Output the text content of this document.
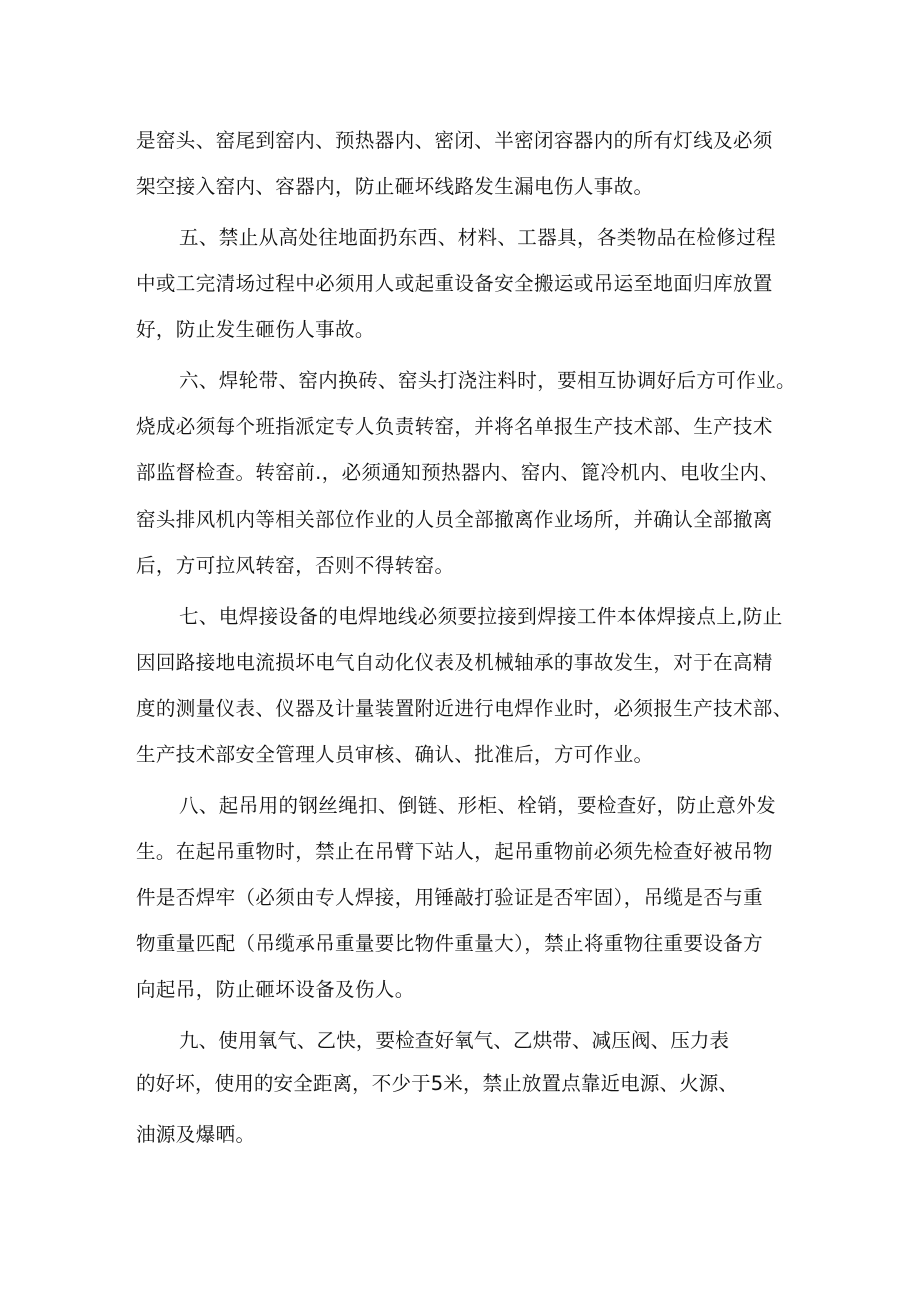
是窑头、窑尾到窑内、预热器内、密闭、半密闭容器内的所有灯线及必须
架空接入窑内、容器内，防止砸坏线路发生漏电伤人事故。
五、禁止从高处往地面扔东西、材料、工器具，各类物品在检修过程
中或工完清场过程中必须用人或起重设备安全搬运或吊运至地面归库放置
好，防止发生砸伤人事故。
六、焊轮带、窑内换砖、窑头打浇注料时，要相互协调好后方可作业。
烧成必须每个班指派定专人负责转窑，并将名单报生产技术部、生产技术
部监督检查。转窑前.，必须通知预热器内、窑内、篦冷机内、电收尘内、
窑头排风机内等相关部位作业的人员全部撤离作业场所，并确认全部撤离
后，方可拉风转窑，否则不得转窑。
七、电焊接设备的电焊地线必须要拉接到焊接工件本体焊接点上,防止
因回路接地电流损坏电气自动化仪表及机械轴承的事故发生，对于在高精
度的测量仪表、仪器及计量装置附近进行电焊作业时，必须报生产技术部、
生产技术部安全管理人员审核、确认、批准后，方可作业。
八、起吊用的钢丝绳扣、倒链、形柜、栓销，要检查好，防止意外发
生。在起吊重物时，禁止在吊臂下站人，起吊重物前必须先检查好被吊物
件是否焊牢（必须由专人焊接，用锤敲打验证是否牢固），吊缆是否与重
物重量匹配（吊缆承吊重量要比物件重量大），禁止将重物往重要设备方
向起吊，防止砸坏设备及伤人。
九、使用氧气、乙快，要检查好氧气、乙烘带、减压阀、压力表
的好坏，使用的安全距离，不少于5米，禁止放置点靠近电源、火源、
油源及爆晒。
